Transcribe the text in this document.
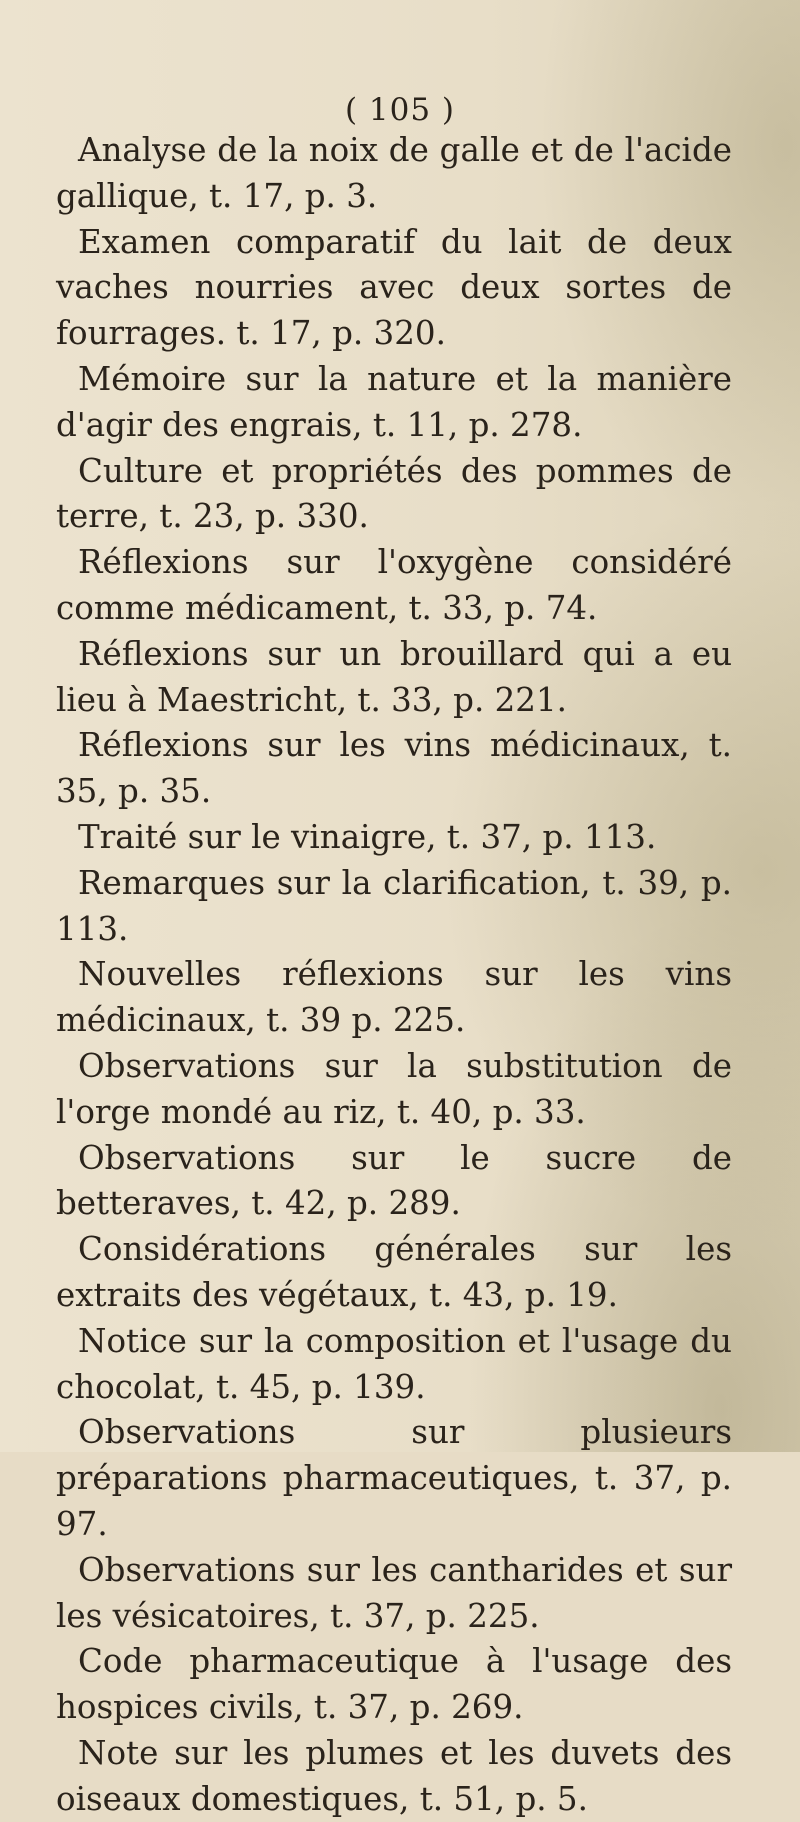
( 105 )

Analyse de la noix de galle et de l'acide gallique, t. 17, p. 3.

Examen comparatif du lait de deux vaches nourries avec deux sortes de fourrages. t. 17, p. 320.

Mémoire sur la nature et la manière d'agir des engrais, t. 11, p. 278.

Culture et propriétés des pommes de terre, t. 23, p. 330.

Réflexions sur l'oxygène considéré comme médicament, t. 33, p. 74.

Réflexions sur un brouillard qui a eu lieu à Maestricht, t. 33, p. 221.

Réflexions sur les vins médicinaux, t. 35, p. 35.

Traité sur le vinaigre, t. 37, p. 113.

Remarques sur la clarification, t. 39, p. 113.

Nouvelles réflexions sur les vins médicinaux, t. 39 p. 225.

Observations sur la substitution de l'orge mondé au riz, t. 40, p. 33.

Observations sur le sucre de betteraves, t. 42, p. 289.

Considérations générales sur les extraits des végétaux, t. 43, p. 19.

Notice sur la composition et l'usage du chocolat, t. 45, p. 139.

Observations sur plusieurs préparations pharmaceutiques, t. 37, p. 97.

Observations sur les cantharides et sur les vésicatoires, t. 37, p. 225.

Code pharmaceutique à l'usage des hospices civils, t. 37, p. 269.

Note sur les plumes et les duvets des oiseaux domestiques, t. 51, p. 5.
